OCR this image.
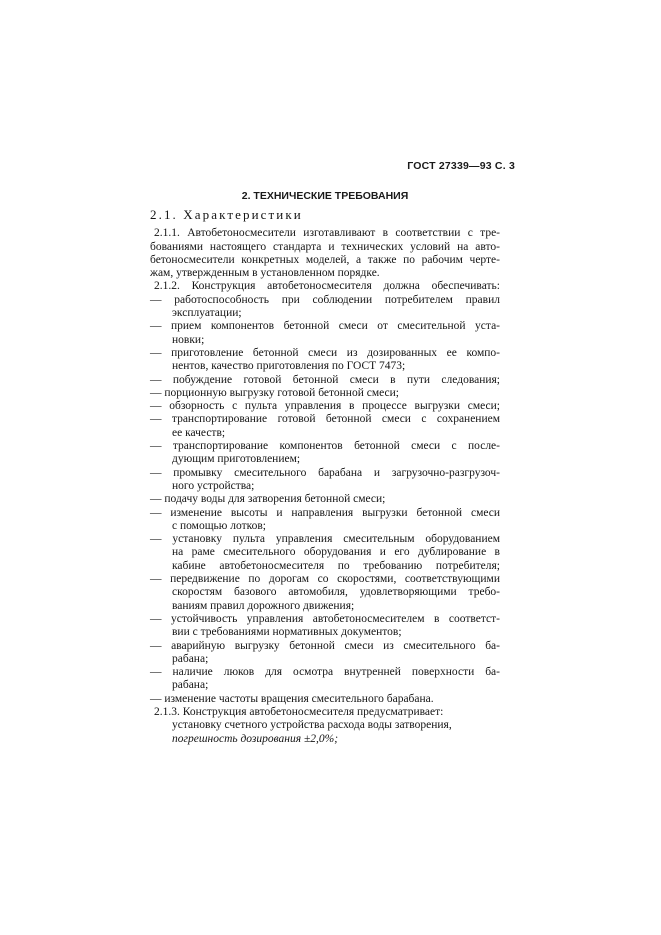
ГОСТ 27339—93 С. 3
2. ТЕХНИЧЕСКИЕ ТРЕБОВАНИЯ
2.1. Характеристики
2.1.1. Автобетоносмесители изготавливают в соответствии с тре-
бованиями настоящего стандарта и технических условий на авто-
бетоносмесители конкретных моделей, а также по рабочим черте-
жам, утвержденным в установленном порядке.
2.1.2. Конструкция автобетоносмесителя должна обеспечивать:
— работоспособность при соблюдении потребителем правил
эксплуатации;
— прием компонентов бетонной смеси от смесительной уста-
новки;
— приготовление бетонной смеси из дозированных ее компо-
нентов, качество приготовления по ГОСТ 7473;
— побуждение готовой бетонной смеси в пути следования;
— порционную выгрузку готовой бетонной смеси;
— обзорность с пульта управления в процессе выгрузки смеси;
— транспортирование готовой бетонной смеси с сохранением
ее качеств;
— транспортирование компонентов бетонной смеси с после-
дующим приготовлением;
— промывку смесительного барабана и загрузочно-разгрузоч-
ного устройства;
— подачу воды для затворения бетонной смеси;
— изменение высоты и направления выгрузки бетонной смеси
с помощью лотков;
— установку пульта управления смесительным оборудованием
на раме смесительного оборудования и его дублирование в
кабине автобетоносмесителя по требованию потребителя;
— передвижение по дорогам со скоростями, соответствующими
скоростям базового автомобиля, удовлетворяющими требо-
ваниям правил дорожного движения;
— устойчивость управления автобетоносмесителем в соответст-
вии с требованиями нормативных документов;
— аварийную выгрузку бетонной смеси из смесительного ба-
рабана;
— наличие люков для осмотра внутренней поверхности ба-
рабана;
— изменение частоты вращения смесительного барабана.
2.1.3. Конструкция автобетоносмесителя предусматривает:
установку счетного устройства расхода воды затворения,
погрешность дозирования ±2,0%;
